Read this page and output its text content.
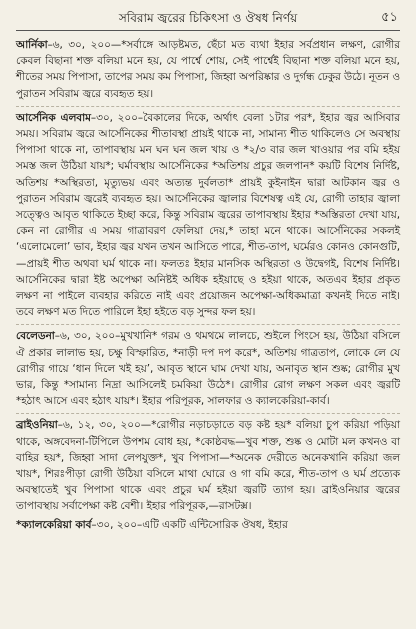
সবিরাম জ্বরের চিকিৎসা ও ঔষধ নির্ণয়	৫১

আর্নিকা–৬, ৩০, ২০০—*সর্বাঙ্গে আড়ষ্টমত, ছেঁচা মত ব্যথা ইহার সর্বপ্রধান লক্ষণ, রোগীর কেবল বিছানা শক্ত বলিয়া মনে হয়, যে পার্শ্বে শোয়, সেই পার্শ্বেই বিছানা শক্ত বলিয়া মনে হয়, শীতের সময় পিপাসা, তাপের সময় কম পিপাসা, জিহ্বা অপরিষ্কার ও দুর্গন্ধ ঢেকুর উঠে। নূতন ও পুরাতন সবিরাম জ্বরে ব্যবহৃত হয়।

আর্সেনিক এলবাম–৩০, ২০০–বৈকালের দিকে, অর্থাৎ বেলা ১টার পর*, ইহার জ্বর আসিবার সময়। সবিরাম জ্বরে আর্সেনিকের শীতাবস্থা প্রায়ই থাকে না, সামান্য শীত থাকিলেও সে অবস্থায় পিপাসা থাকে না, তাপাবস্থায় মন ঘন ঘন জল খায় ও *২/৩ বার জল খাওয়ার পর বমি হইয় সমস্ত জল উঠিয়া যায়*; ঘর্মাবস্থায় আর্সেনিকের *অতিশয় প্রচুর জলপান* কয়টি বিশেষ নির্দিষ্ট, অতিশয় *অস্থিরতা, মৃত্যুভয় এবং অত্যন্ত দুর্বলতা* প্রায়ই কুইনাইন দ্বারা আটকান জ্বর ও পুরাতন সবিরাম জ্বরেই ব্যবহৃত হয়। আর্সেনিকের জ্বালার বিশেষত্ব এই যে, রোগী তাহার জ্বালা সত্ত্বেও আবৃত থাকিতে ইচ্ছা করে, কিন্তু সবিরাম জ্বরের তাপাবস্থায় ইহার *অস্তিরতা দেখা যায়, কেন না রোগীর এ সময় গাত্রাবরণ ফেলিয়া দেয়,* তাহা মনে থাকে। আর্সেনিকের সকলই ‘এলোমেলো’ ভাব, ইহার জ্বর যখন তখন আসিতে পারে, শীত-তাপ, ঘর্মেরও কোনও কোনগুটি,—প্রায়ই শীত অথবা ঘর্ম থাকে না। ফলতঃ ইহার মানসিক অস্থিরতা ও উদ্বেগই, বিশেষ নির্দিষ্ট। আর্সেনিকের দ্বারা ইষ্ট অপেক্ষা অনিষ্টই অধিক হইয়াছে ও হইয়া থাকে, অতএব ইহার প্রকৃত লক্ষণ না পাইলে ব্যবহার করিতে নাই এবং প্রয়োজন অপেক্ষা-অধিকমাত্রা কখনই দিতে নাই। তবে লক্ষণ মত দিতে পারিলে ইহা হইতে বড় সুন্দর ফল হয়।

বেলেডনা–৬, ৩০, ২০০–মুখখানি* গরম ও থমথমে লালচে, শুইলে পিংসে হয়, উঠিয়া বসিলে ঐ প্রকার লালাভ হয়, চক্ষু বিস্ফারিত, *নাড়ী দপ দপ করে*, অতিশয় গাত্রতাপ, লোকে লে যে রোগীর গায়ে ‘ধান দিলে খই হয়’, আবৃত স্থানে ঘাম দেখা যায়, অনাবৃত স্থান শুষ্ক; রোগীর মুখ ভার, কিন্তু *সামান্য নিদ্রা আসিলেই চমকিয়া উঠে*। রোগীর রোগ লক্ষণ সকল এবং জ্বরটি *হঠাৎ আসে এবং হঠাৎ যায়*। ইহার পরিপূরক, সালফার ও ক্যালকেরিয়া-কার্ব।

ব্রাইওনিয়া–৬, ১২, ৩০, ২০০—*রোগীর নড়াচড়াতে বড় কষ্ট হয়* বলিয়া চুপ করিয়া পড়িয়া থাকে, অঙ্গবেদনা-টিপিলে উপশম বোধ হয়, *কোষ্ঠবদ্ধ—খুব শক্ত, শুষ্ক ও মোটা মল কখনও বা বাহির হয়*, জিহ্বা সাদা লেপযুক্ত*, খুব পিপাসা—*অনেক দেরীতে অনেকখানি করিয়া জল খায়*, শিরঃপীড়া রোগী উঠিয়া বসিলে মাথা ঘোরে ও গা বমি করে, শীত-তাপ ও ঘর্ম প্রত্যেক অবস্থাতেই খুব পিপাসা থাকে এবং প্রচুর ঘর্ম হইয়া জ্বরটি ত্যাগ হয়। ব্রাইওনিয়ার জ্বরের তাপাবস্থায় সর্বাপেক্ষা কষ্ট বেশী। ইহার পরিপূরক,—রাসটক্স।

*ক্যালকেরিয়া কার্ব–৩০, ২০০–এটি একটি এন্টিসোরিক ঔষধ, ইহার
